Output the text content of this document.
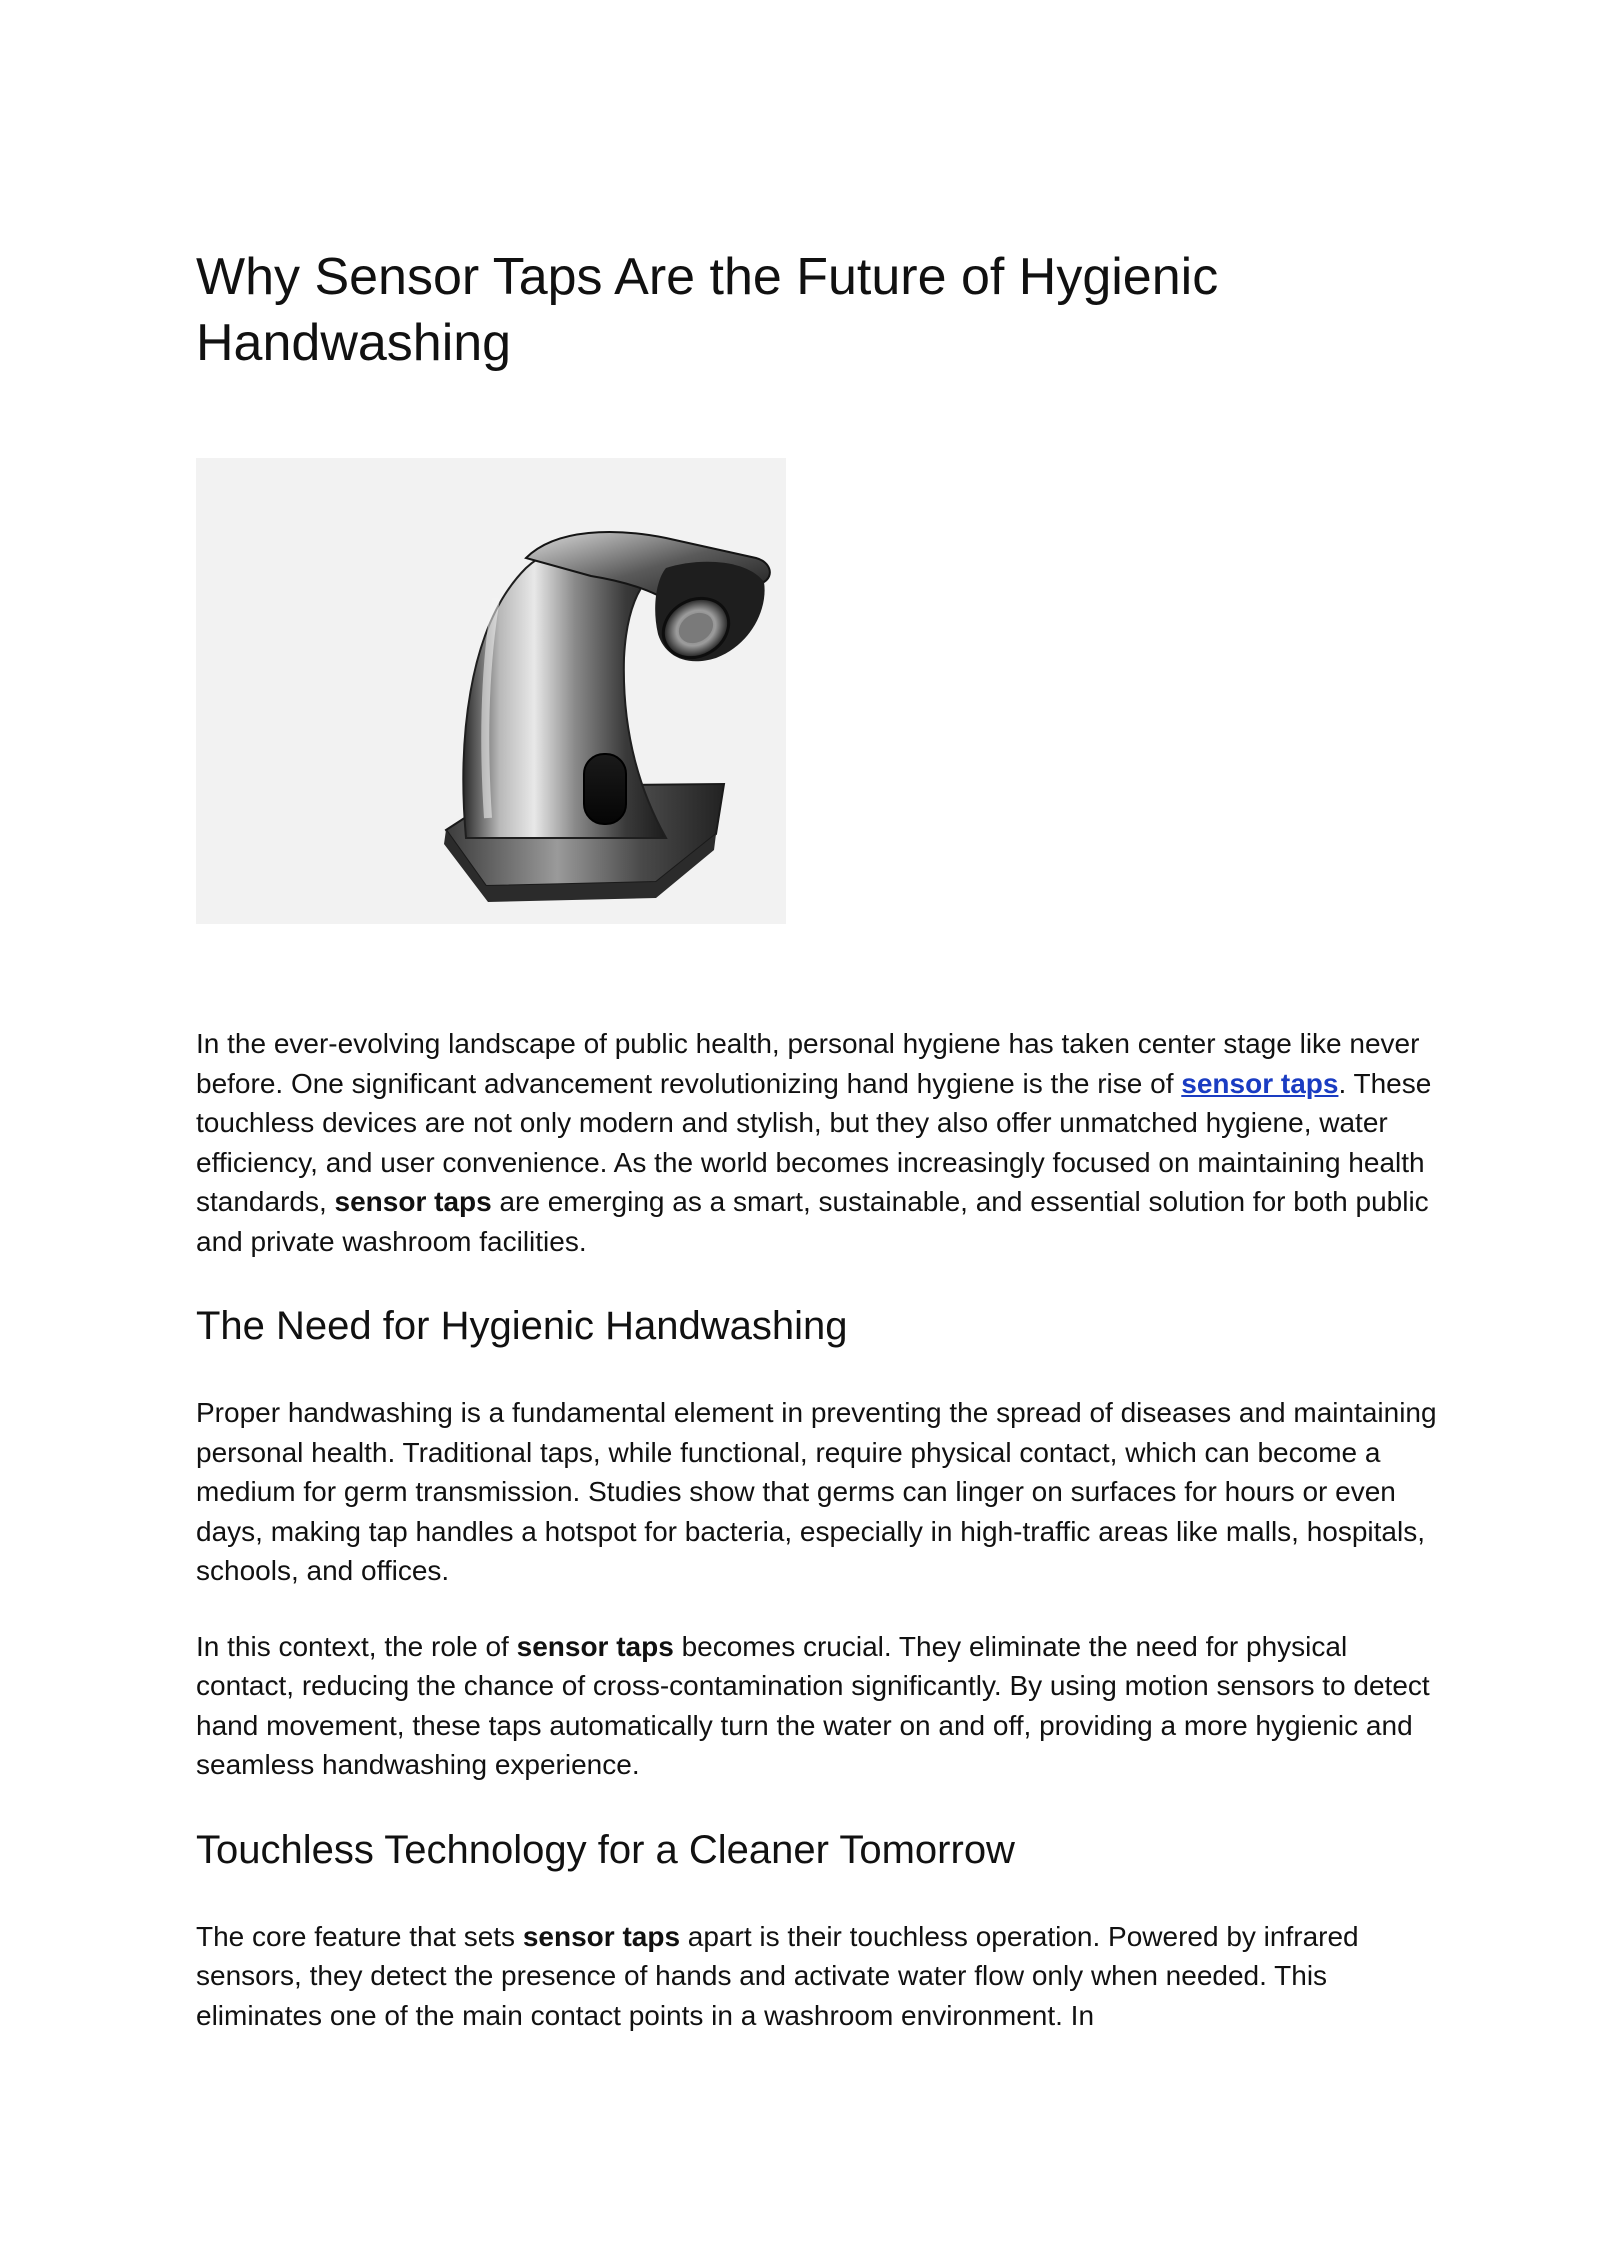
Why Sensor Taps Are the Future of Hygienic Handwashing

In the ever-evolving landscape of public health, personal hygiene has taken center stage like never before. One significant advancement revolutionizing hand hygiene is the rise of sensor taps. These touchless devices are not only modern and stylish, but they also offer unmatched hygiene, water efficiency, and user convenience. As the world becomes increasingly focused on maintaining health standards, sensor taps are emerging as a smart, sustainable, and essential solution for both public and private washroom facilities.

The Need for Hygienic Handwashing

Proper handwashing is a fundamental element in preventing the spread of diseases and maintaining personal health. Traditional taps, while functional, require physical contact, which can become a medium for germ transmission. Studies show that germs can linger on surfaces for hours or even days, making tap handles a hotspot for bacteria, especially in high-traffic areas like malls, hospitals, schools, and offices.

In this context, the role of sensor taps becomes crucial. They eliminate the need for physical contact, reducing the chance of cross-contamination significantly. By using motion sensors to detect hand movement, these taps automatically turn the water on and off, providing a more hygienic and seamless handwashing experience.

Touchless Technology for a Cleaner Tomorrow

The core feature that sets sensor taps apart is their touchless operation. Powered by infrared sensors, they detect the presence of hands and activate water flow only when needed. This eliminates one of the main contact points in a washroom environment. In
